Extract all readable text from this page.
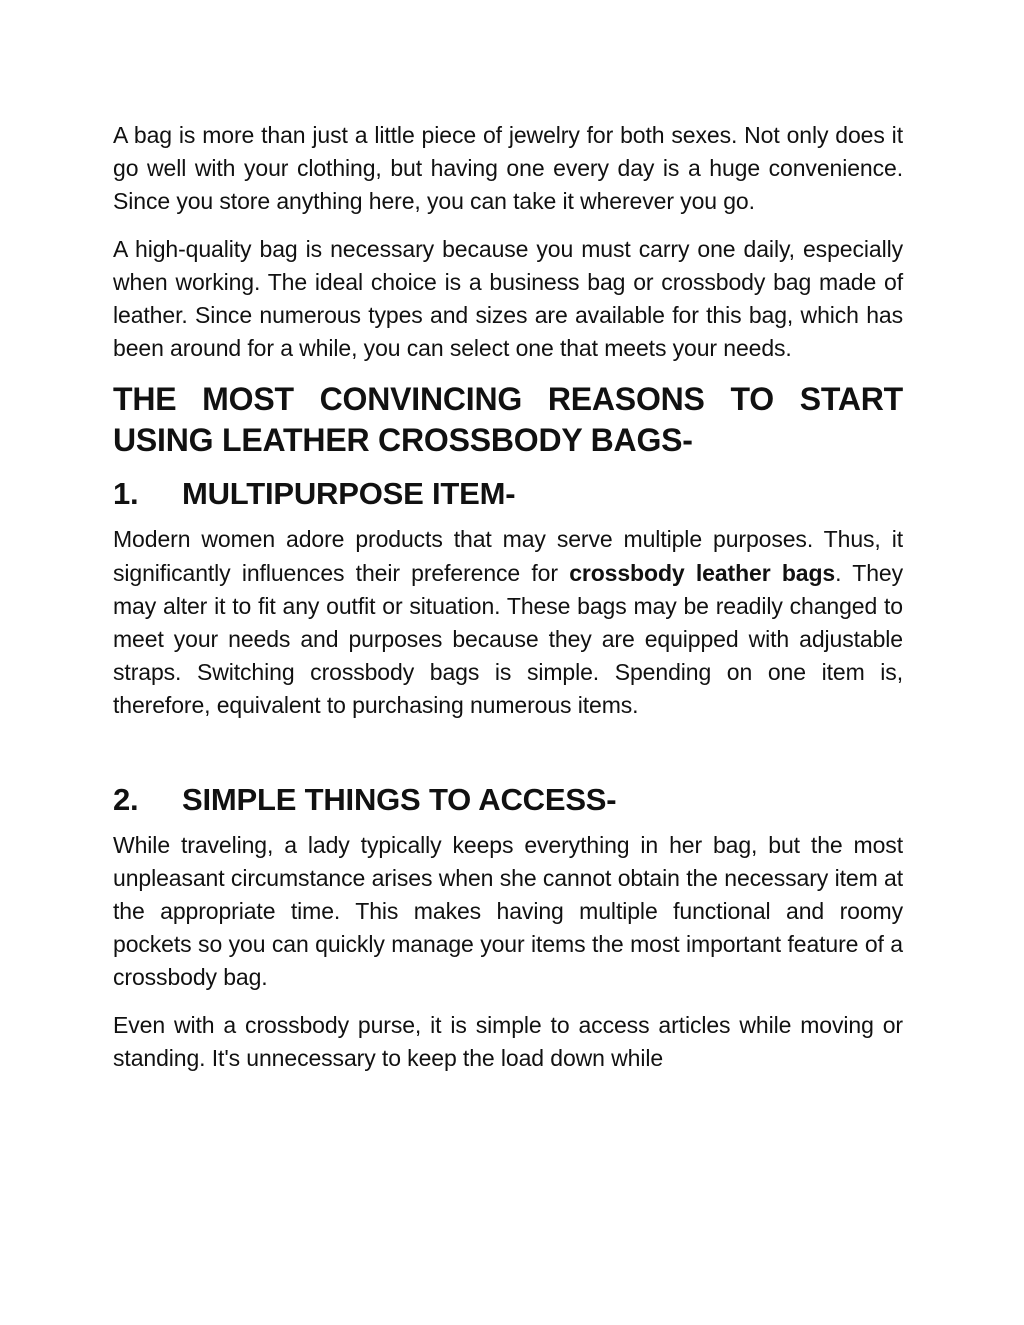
A bag is more than just a little piece of jewelry for both sexes. Not only does it go well with your clothing, but having one every day is a huge convenience. Since you store anything here, you can take it wherever you go.

A high-quality bag is necessary because you must carry one daily, especially when working. The ideal choice is a business bag or crossbody bag made of leather. Since numerous types and sizes are available for this bag, which has been around for a while, you can select one that meets your needs.

THE MOST CONVINCING REASONS TO START USING LEATHER CROSSBODY BAGS-
1.	MULTIPURPOSE ITEM-

Modern women adore products that may serve multiple purposes. Thus, it significantly influences their preference for crossbody leather bags. They may alter it to fit any outfit or situation. These bags may be readily changed to meet your needs and purposes because they are equipped with adjustable straps. Switching crossbody bags is simple. Spending on one item is, therefore, equivalent to purchasing numerous items.

2.	SIMPLE THINGS TO ACCESS-

While traveling, a lady typically keeps everything in her bag, but the most unpleasant circumstance arises when she cannot obtain the necessary item at the appropriate time. This makes having multiple functional and roomy pockets so you can quickly manage your items the most important feature of a crossbody bag.

Even with a crossbody purse, it is simple to access articles while moving or standing. It's unnecessary to keep the load down while
